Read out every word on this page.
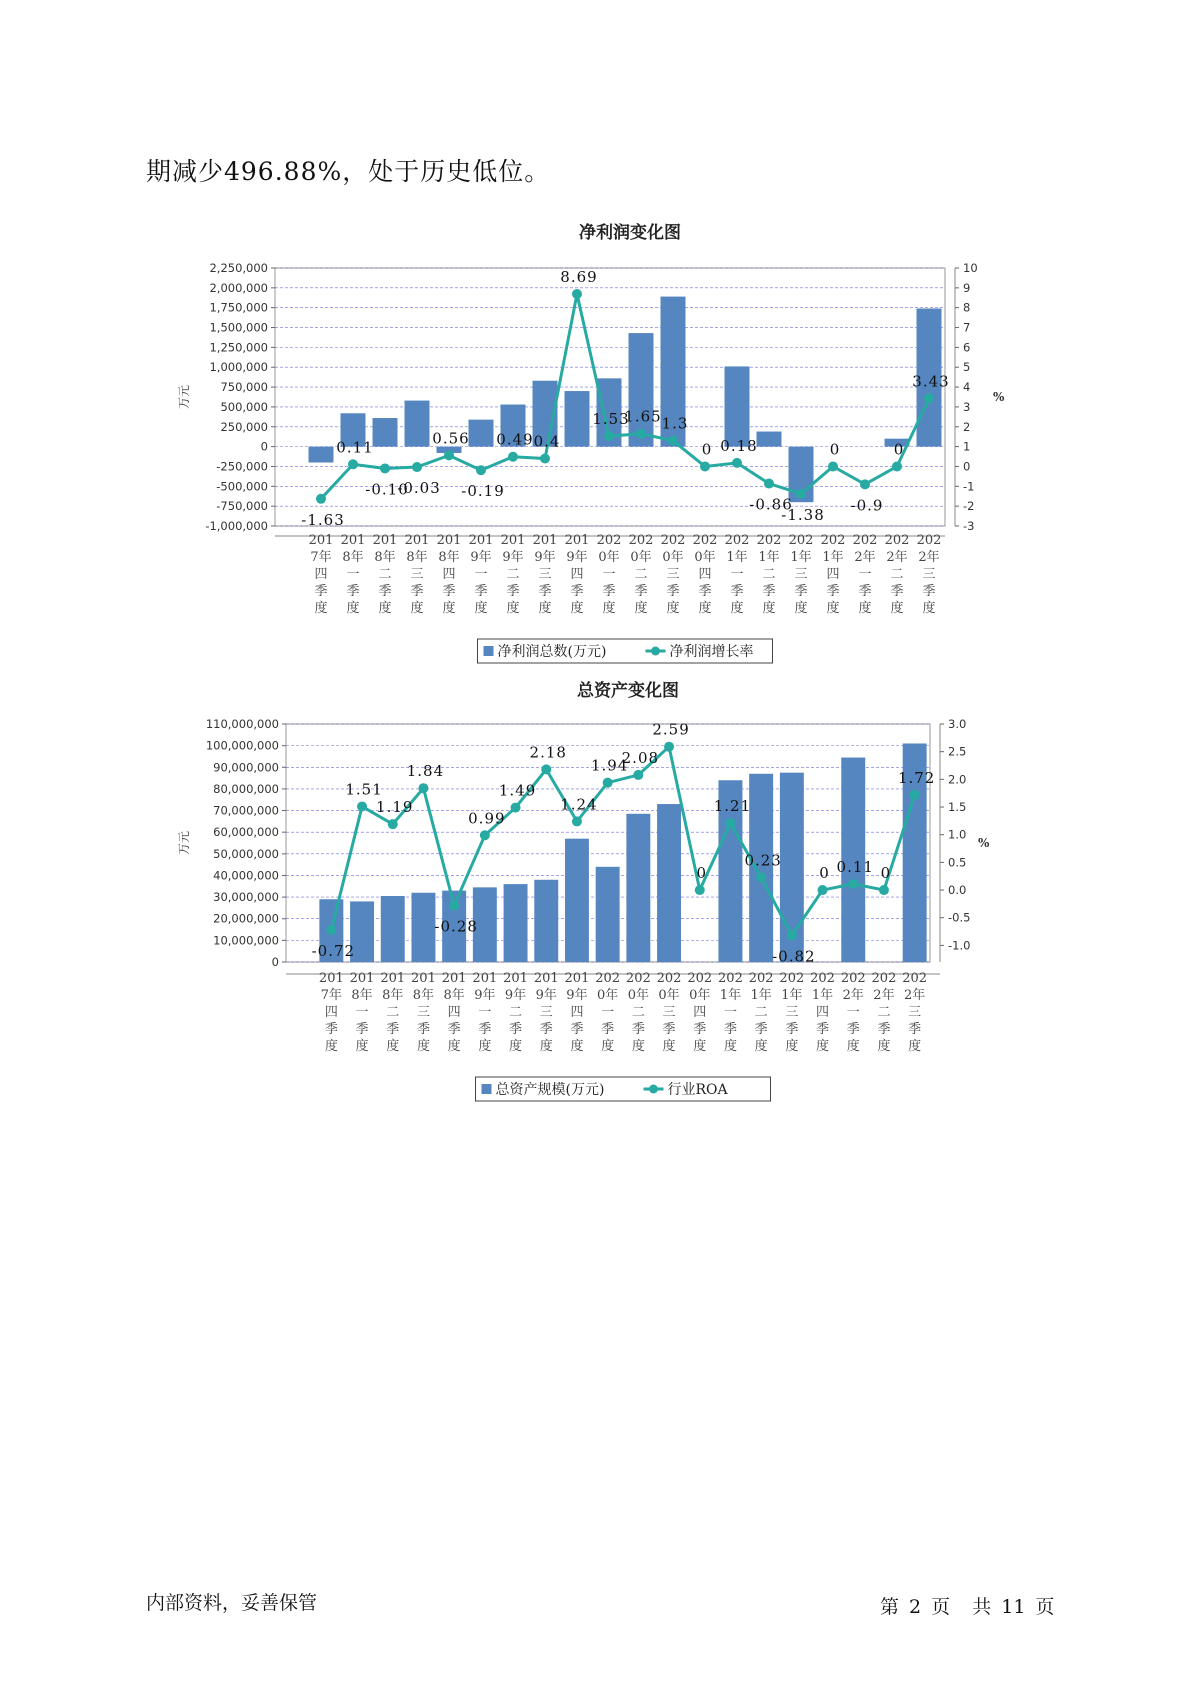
期减少496.88%，处于历史低位。

-1,000,000
-750,000
-500,000
-250,000
0
250,000
500,000
750,000
1,000,000
1,250,000
1,500,000
1,750,000
2,000,000
2,250,000
-3
-2
-1
0
1
2
3
4
5
6
7
8
9
10
万元	%
-1.63
0.11
-0.10
-0.03
0.56
-0.19
0.49 0.4
8.69
1.53
1.65 1.3
0 0.18
-0.86
-1.38
0
-0.9
0
3.43
201
7年
四
季
度
201
8年
一
季
度
201
8年
二
季
度
201
8年
三
季
度
201
8年
四
季
度
201
9年
一
季
度
201
9年
二
季
度
201
9年
三
季
度
201
9年
四
季
度
202
0年
一
季
度
202
0年
二
季
度
202
0年
三
季
度
202
0年
四
季
度
202
1年
一
季
度
202
1年
二
季
度
202
1年
三
季
度
202
1年
四
季
度
202
2年
一
季
度
202
2年
二
季
度
202
2年
三
季
度
净利润总数(万元)	净利润增长率
净利润变化图
0
10,000,000
20,000,000
30,000,000
40,000,000
50,000,000
60,000,000
70,000,000
80,000,000
90,000,000
100,000,000
110,000,000
-1.0
-0.5
0.0
0.5
1.0
1.5
2.0
2.5
3.0
万元	%
-0.72
1.51
1.19
1.84
-0.28
0.99
1.49
2.18
1.24
1.94
2.08
2.59
0
1.21
0.23
-0.82
0 0.11 0
1.72
201
7年
四
季
度
201
8年
一
季
度
201
8年
二
季
度
201
8年
三
季
度
201
8年
四
季
度
201
9年
一
季
度
201
9年
二
季
度
201
9年
三
季
度
201
9年
四
季
度
202
0年
一
季
度
202
0年
二
季
度
202
0年
三
季
度
202
0年
四
季
度
202
1年
一
季
度
202
1年
二
季
度
202
1年
三
季
度
202
1年
四
季
度
202
2年
一
季
度
202
2年
二
季
度
202
2年
三
季
度
总资产规模(万元)	行业ROA
总资产变化图
内部资料，妥善保管	第 2 页 共 11 页
